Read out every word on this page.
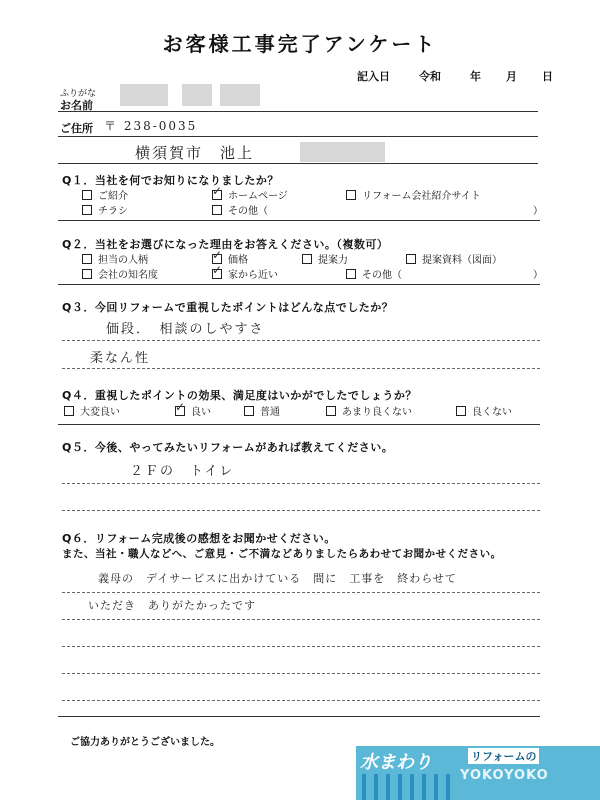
お客様工事完了アンケート
記入日	令和	年 月 日
ふりがな
お名前
ご住所 〒 238-0035
横須賀市　池上
Q１．当社を何でお知りになりましたか？
ご紹介 ✓	ホームページ	リフォーム会社紹介サイト
チラシ	その他（	）
Q２．当社をお選びになった理由をお答えください。（複数可）
担当の人柄 ✓	価格	提案力	提案資料（図面）
会社の知名度 ✓	家から近い	その他（	）
Q３．今回リフォームで重視したポイントはどんな点でしたか？
価段．　相談のしやすさ
柔なん性
Q４．重視したポイントの効果、満足度はいかがでしたでしょうか？
大変良い ✓	良い	普通	あまり良くない	良くない
Q５．今後、やってみたいリフォームがあれば教えてください。
２Ｆの　トイレ
Q６．リフォーム完成後の感想をお聞かせください。
また、当社・職人などへ、ご意見・ご不満などありましたらあわせてお聞かせください。
義母の　デイサービスに出かけている　間に　工事を　終わらせて
いただき　ありがたかったです
ご協力ありがとうございました。
水まわり	リフォームの
YOKOYOKO
